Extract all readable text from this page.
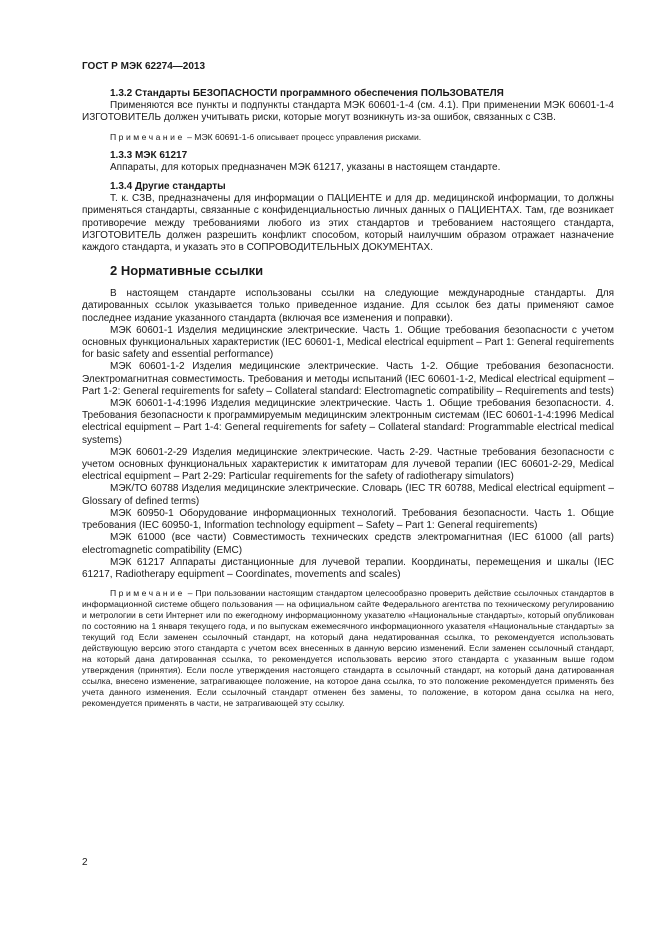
ГОСТ Р МЭК 62274—2013
1.3.2 Стандарты БЕЗОПАСНОСТИ программного обеспечения ПОЛЬЗОВАТЕЛЯ

Применяются все пункты и подпункты стандарта МЭК 60601-1-4 (см. 4.1). При применении МЭК 60601-1-4 ИЗГОТОВИТЕЛЬ должен учитывать риски, которые могут возникнуть из-за ошибок, связанных с СЗВ.

Примечание – МЭК 60691-1-6 описывает процесс управления рисками.

1.3.3 МЭК 61217

Аппараты, для которых предназначен МЭК 61217, указаны в настоящем стандарте.

1.3.4 Другие стандарты

Т. к. СЗВ, предназначены для информации о ПАЦИЕНТЕ и для др. медицинской информации, то должны применяться стандарты, связанные с конфиденциальностью личных данных о ПАЦИЕНТАХ. Там, где возникает противоречие между требованиями любого из этих стандартов и требованием настоящего стандарта, ИЗГОТОВИТЕЛЬ должен разрешить конфликт способом, который наилучшим образом отражает назначение каждого стандарта, и указать это в СОПРОВОДИТЕЛЬНЫХ ДОКУМЕНТАХ.

2 Нормативные ссылки

В настоящем стандарте использованы ссылки на следующие международные стандарты. Для датированных ссылок указывается только приведенное издание. Для ссылок без даты применяют самое последнее издание указанного стандарта (включая все изменения и поправки).

МЭК 60601-1 Изделия медицинские электрические. Часть 1. Общие требования безопасности с учетом основных функциональных характеристик (IEC 60601-1, Medical electrical equipment – Part 1: General requirements for basic safety and essential performance)

МЭК 60601-1-2 Изделия медицинские электрические. Часть 1-2. Общие требования безопасности. Электромагнитная совместимость. Требования и методы испытаний (IEC 60601-1-2, Medical electrical equipment – Part 1-2: General requirements for safety – Collateral standard: Electromagnetic compatibility – Requirements and tests)

МЭК 60601-1-4:1996 Изделия медицинские электрические. Часть 1. Общие требования безопасности. 4. Требования безопасности к программируемым медицинским электронным системам (IEC 60601-1-4:1996 Medical electrical equipment – Part 1-4: General requirements for safety – Collateral standard: Programmable electrical medical systems)

МЭК 60601-2-29 Изделия медицинские электрические. Часть 2-29. Частные требования безопасности с учетом основных функциональных характеристик к имитаторам для лучевой терапии (IEC 60601-2-29, Medical electrical equipment – Part 2-29: Particular requirements for the safety of radiotherapy simulators)

МЭК/ТО 60788 Изделия медицинские электрические. Словарь (IEC TR 60788, Medical electrical equipment – Glossary of defined terms)

МЭК 60950-1 Оборудование информационных технологий. Требования безопасности. Часть 1. Общие требования (IEC 60950-1, Information technology equipment – Safety – Part 1: General requirements)

МЭК 61000 (все части) Совместимость технических средств электромагнитная (IEC 61000 (all parts) electromagnetic compatibility (EMC)

МЭК 61217 Аппараты дистанционные для лучевой терапии. Координаты, перемещения и шкалы (IEC 61217, Radiotherapy equipment – Coordinates, movements and scales)

Примечание – При пользовании настоящим стандартом целесообразно проверить действие ссылочных стандартов в информационной системе общего пользования — на официальном сайте Федерального агентства по техническому регулированию и метрологии в сети Интернет или по ежегодному информационному указателю «Национальные стандарты», который опубликован по состоянию на 1 января текущего года, и по выпускам ежемесячного информационного указателя «Национальные стандарты» за текущий год Если заменен ссылочный стандарт, на который дана недатированная ссылка, то рекомендуется использовать действующую версию этого стандарта с учетом всех внесенных в данную версию изменений. Если заменен ссылочный стандарт, на который дана датированная ссылка, то рекомендуется использовать версию этого стандарта с указанным выше годом утверждения (принятия). Если после утверждения настоящего стандарта в ссылочный стандарт, на который дана датированная ссылка, внесено изменение, затрагивающее положение, на которое дана ссылка, то это положение рекомендуется применять без учета данного изменения. Если ссылочный стандарт отменен без замены, то положение, в котором дана ссылка на него, рекомендуется применять в части, не затрагивающей эту ссылку.

2
